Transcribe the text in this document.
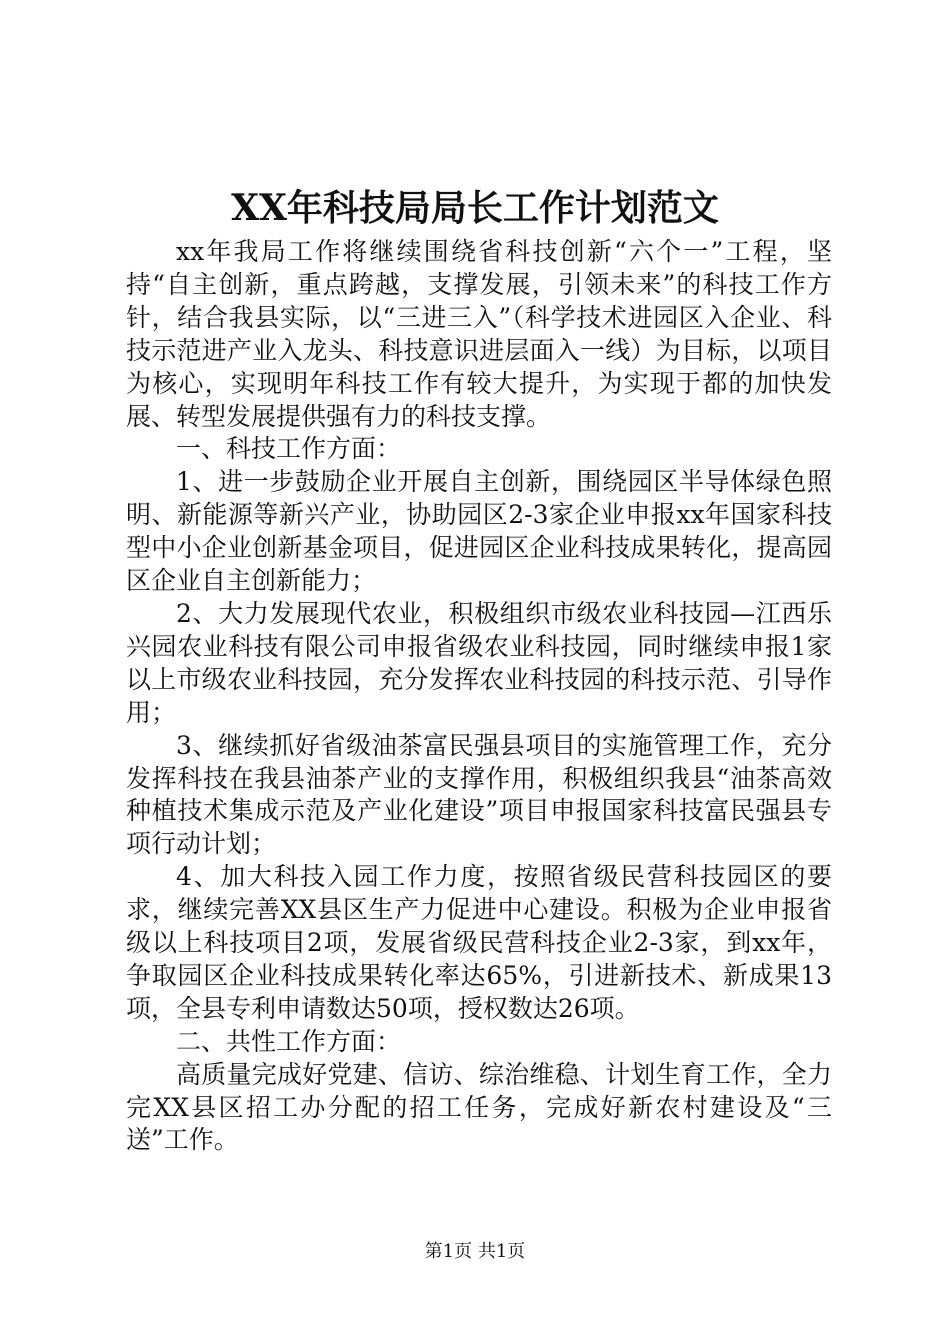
XX年科技局局长工作计划范文

xx年我局工作将继续围绕省科技创新“六个一”工程，坚持“自主创新，重点跨越，支撑发展，引领未来”的科技工作方针，结合我县实际，以“三进三入”（科学技术进园区入企业、科技示范进产业入龙头、科技意识进层面入一线）为目标，以项目为核心，实现明年科技工作有较大提升，为实现于都的加快发展、转型发展提供强有力的科技支撑。

一、科技工作方面：

1、进一步鼓励企业开展自主创新，围绕园区半导体绿色照明、新能源等新兴产业，协助园区2-3家企业申报xx年国家科技型中小企业创新基金项目，促进园区企业科技成果转化，提高园区企业自主创新能力；

2、大力发展现代农业，积极组织市级农业科技园—江西乐兴园农业科技有限公司申报省级农业科技园，同时继续申报1家以上市级农业科技园，充分发挥农业科技园的科技示范、引导作用；

3、继续抓好省级油茶富民强县项目的实施管理工作，充分发挥科技在我县油茶产业的支撑作用，积极组织我县“油茶高效种植技术集成示范及产业化建设”项目申报国家科技富民强县专项行动计划；

4、加大科技入园工作力度，按照省级民营科技园区的要求，继续完善XX县区生产力促进中心建设。积极为企业申报省级以上科技项目2项，发展省级民营科技企业2-3家，到xx年，争取园区企业科技成果转化率达65%，引进新技术、新成果13项，全县专利申请数达50项，授权数达26项。

二、共性工作方面：

高质量完成好党建、信访、综治维稳、计划生育工作，全力完XX县区招工办分配的招工任务，完成好新农村建设及“三送”工作。

第1页 共1页
